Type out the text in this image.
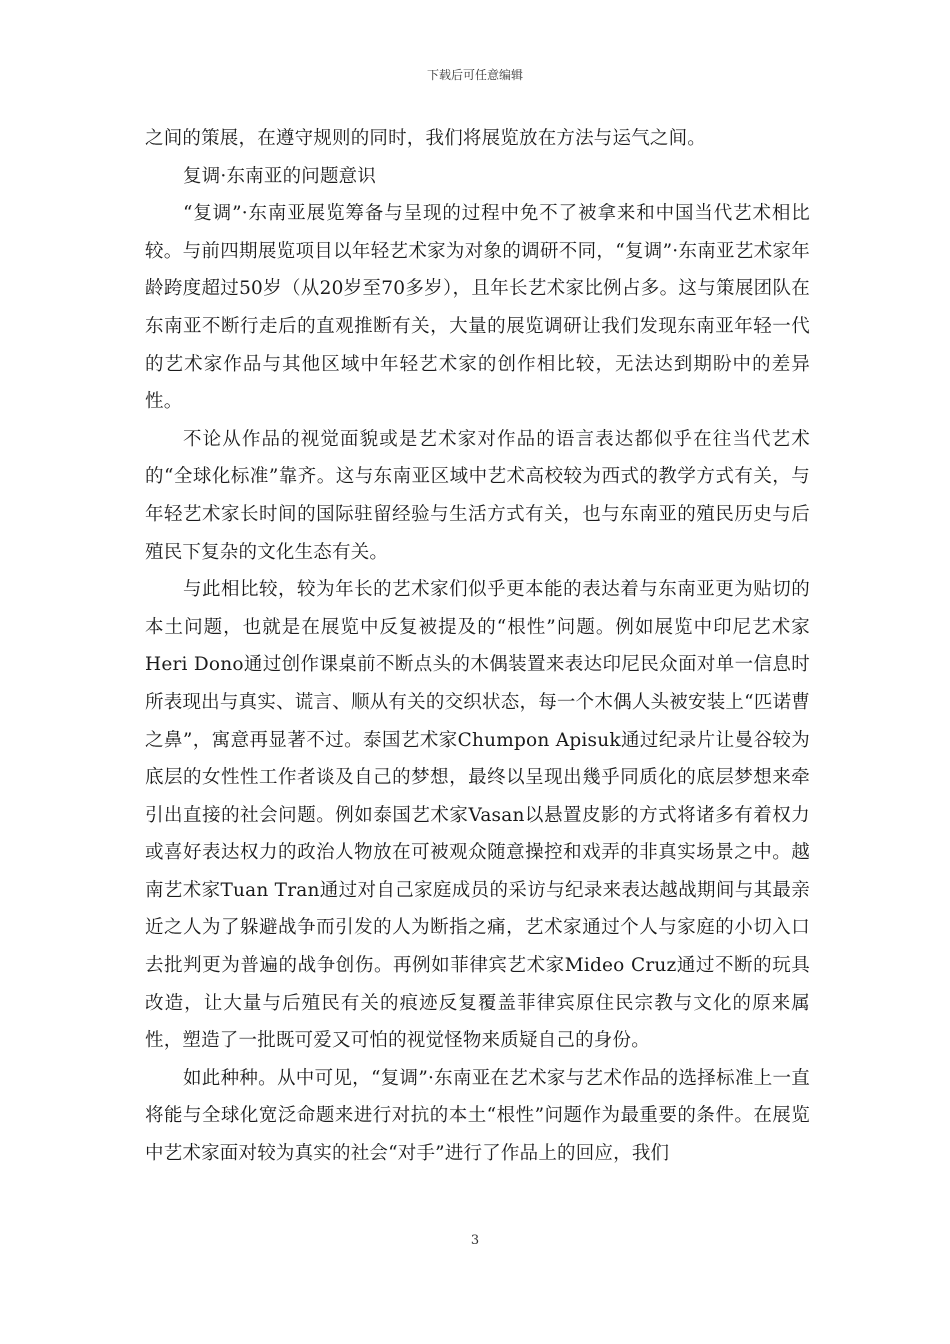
下载后可任意编辑

之间的策展，在遵守规则的同时，我们将展览放在方法与运气之间。

复调·东南亚的问题意识

“复调”·东南亚展览筹备与呈现的过程中免不了被拿来和中国当代艺术相比较。与前四期展览项目以年轻艺术家为对象的调研不同，“复调”·东南亚艺术家年龄跨度超过50岁（从20岁至70多岁），且年长艺术家比例占多。这与策展团队在东南亚不断行走后的直观推断有关，大量的展览调研让我们发现东南亚年轻一代的艺术家作品与其他区域中年轻艺术家的创作相比较，无法达到期盼中的差异性。

不论从作品的视觉面貌或是艺术家对作品的语言表达都似乎在往当代艺术的“全球化标准”靠齐。这与东南亚区域中艺术高校较为西式的教学方式有关，与年轻艺术家长时间的国际驻留经验与生活方式有关，也与东南亚的殖民历史与后殖民下复杂的文化生态有关。

与此相比较，较为年长的艺术家们似乎更本能的表达着与东南亚更为贴切的本土问题，也就是在展览中反复被提及的“根性”问题。例如展览中印尼艺术家Heri Dono通过创作课桌前不断点头的木偶装置来表达印尼民众面对单一信息时所表现出与真实、谎言、顺从有关的交织状态，每一个木偶人头被安装上“匹诺曹之鼻”，寓意再显著不过。泰国艺术家Chumpon Apisuk通过纪录片让曼谷较为底层的女性性工作者谈及自己的梦想，最终以呈现出幾乎同质化的底层梦想来牵引出直接的社会问题。例如泰国艺术家Vasan以悬置皮影的方式将诸多有着权力或喜好表达权力的政治人物放在可被观众随意操控和戏弄的非真实场景之中。越南艺术家Tuan Tran通过对自己家庭成员的采访与纪录来表达越战期间与其最亲近之人为了躲避战争而引发的人为断指之痛，艺术家通过个人与家庭的小切入口去批判更为普遍的战争创伤。再例如菲律宾艺术家Mideo Cruz通过不断的玩具改造，让大量与后殖民有关的痕迹反复覆盖菲律宾原住民宗教与文化的原来属性，塑造了一批既可爱又可怕的视觉怪物来质疑自己的身份。

如此种种。从中可见，“复调”·东南亚在艺术家与艺术作品的选择标准上一直将能与全球化宽泛命题来进行对抗的本土“根性”问题作为最重要的条件。在展览中艺术家面对较为真实的社会“对手”进行了作品上的回应，我们

3
